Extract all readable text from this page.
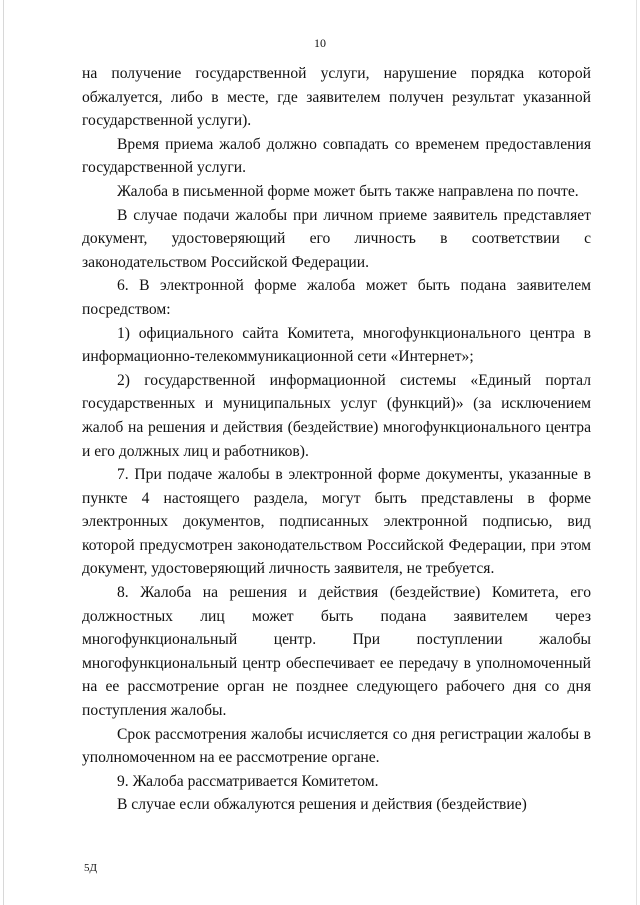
10

на получение государственной услуги, нарушение порядка которой обжалуется, либо в месте, где заявителем получен результат указанной государственной услуги).

Время приема жалоб должно совпадать со временем предоставления государственной услуги.

Жалоба в письменной форме может быть также направлена по почте.

В случае подачи жалобы при личном приеме заявитель представляет документ, удостоверяющий его личность в соответствии с законодательством Российской Федерации.

6. В электронной форме жалоба может быть подана заявителем посредством:

1) официального сайта Комитета, многофункционального центра в информационно-телекоммуникационной сети «Интернет»;

2) государственной информационной системы «Единый портал государственных и муниципальных услуг (функций)» (за исключением жалоб на решения и действия (бездействие) многофункционального центра и его должных лиц и работников).

7. При подаче жалобы в электронной форме документы, указанные в пункте 4 настоящего раздела, могут быть представлены в форме электронных документов, подписанных электронной подписью, вид которой предусмотрен законодательством Российской Федерации, при этом документ, удостоверяющий личность заявителя, не требуется.

8. Жалоба на решения и действия (бездействие) Комитета, его должностных лиц может быть подана заявителем через многофункциональный центр. При поступлении жалобы многофункциональный центр обеспечивает ее передачу в уполномоченный на ее рассмотрение орган не позднее следующего рабочего дня со дня поступления жалобы.

Срок рассмотрения жалобы исчисляется со дня регистрации жалобы в уполномоченном на ее рассмотрение органе.

9. Жалоба рассматривается Комитетом.

В случае если обжалуются решения и действия (бездействие)

5Д
